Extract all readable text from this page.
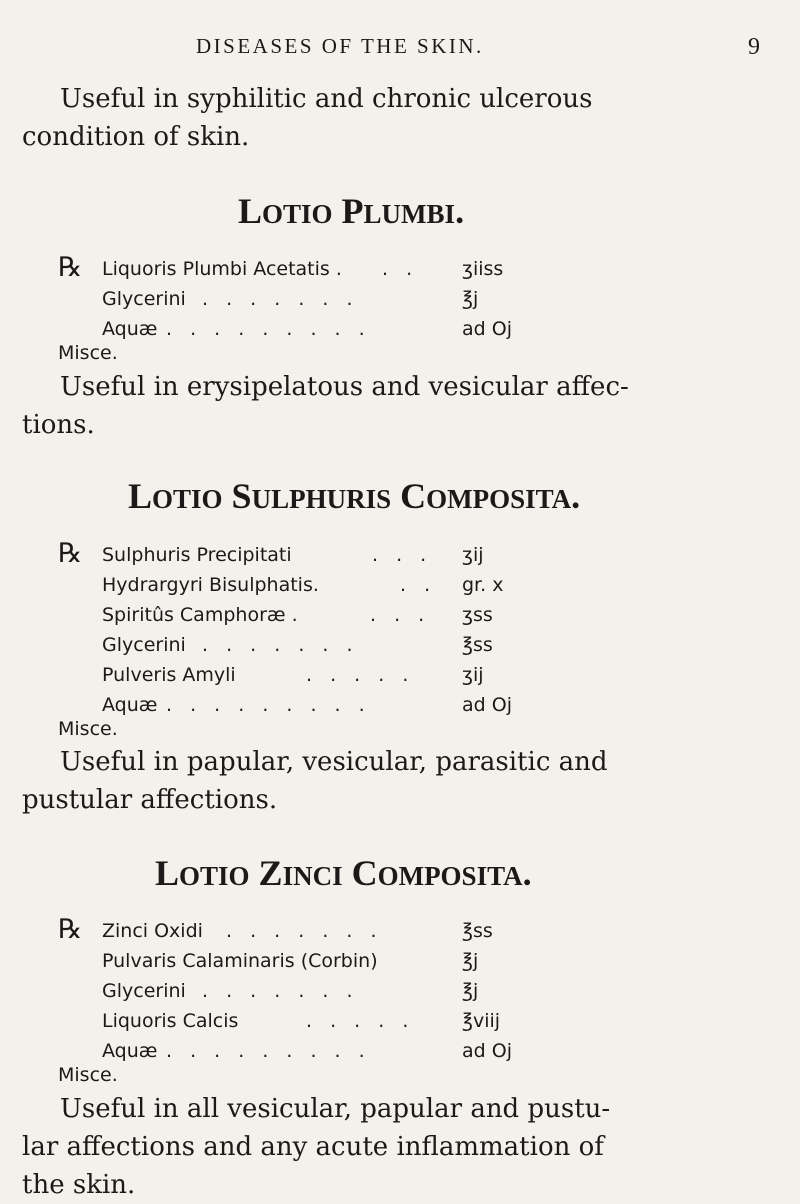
DISEASES OF THE SKIN.	9

Useful in syphilitic and chronic ulcerous
condition of skin.

LOTIO PLUMBI.
℞ Liquoris Plumbi Acetatis . . . ʒiiss
Glycerini . . . . . . .	℥j
Aquæ . . . . . . . . .	ad Oj
Misce.

Useful in erysipelatous and vesicular affec-
tions.

LOTIO SULPHURIS COMPOSITA.
℞ Sulphuris Precipitati	. . . ʒij
Hydrargyri Bisulphatis.	. . gr. x
Spiritûs Camphoræ .	. . . ʒss
Glycerini . . . . . . .	℥ss
Pulveris Amyli	. . . . .	ʒij
Aquæ . . . . . . . . .	ad Oj
Misce.

Useful in papular, vesicular, parasitic and
pustular affections.

LOTIO ZINCI COMPOSITA.
℞ Zinci Oxidi . . . . . . .	℥ss
Pulvaris Calaminaris (Corbin)	℥j
Glycerini . . . . . . .	℥j
Liquoris Calcis	. . . . .	℥viij
Aquæ . . . . . . . . .	ad Oj
Misce.

Useful in all vesicular, papular and pustu-
lar affections and any acute inflammation of
the skin.
